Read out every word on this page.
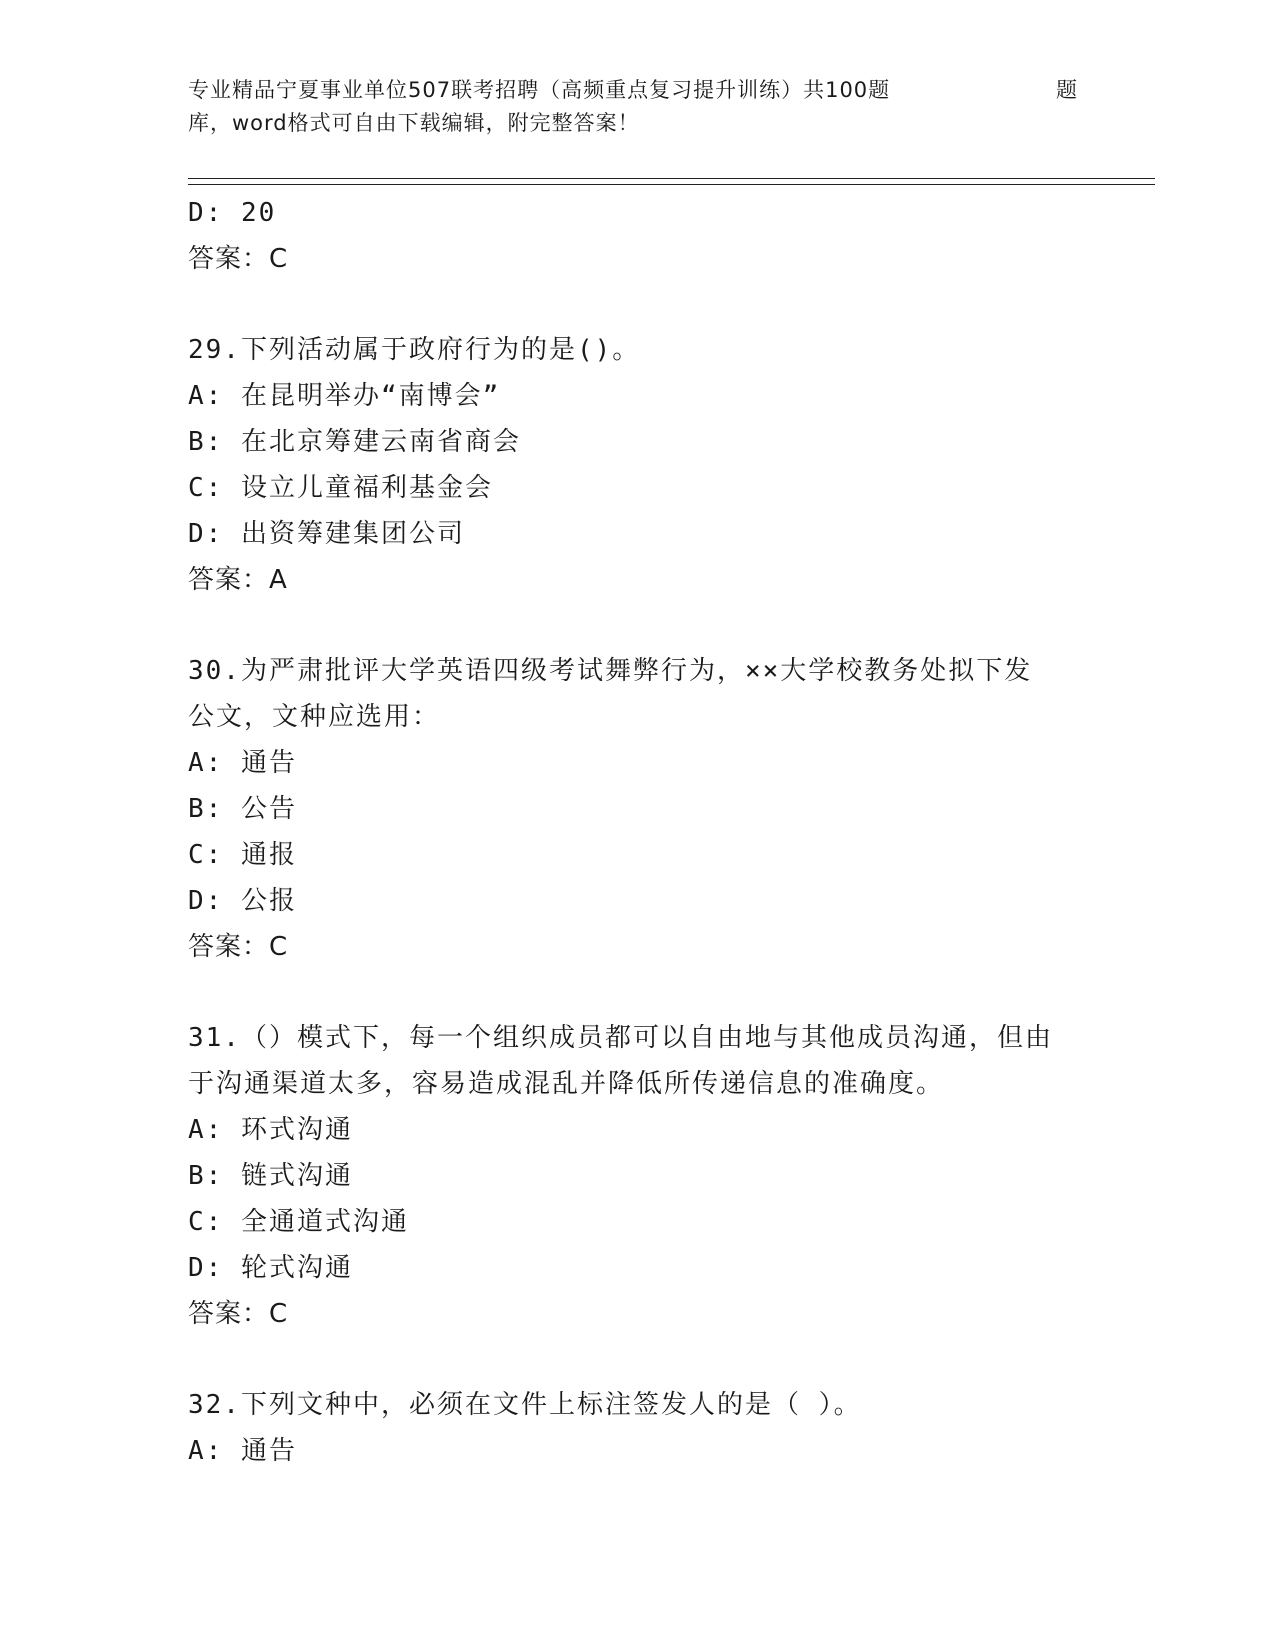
专业精品宁夏事业单位507联考招聘（高频重点复习提升训练）共100题	题
库，word格式可自由下载编辑，附完整答案！
D: 20
答案：C
29.下列活动属于政府行为的是()。
A: 在昆明举办“南博会”
B: 在北京筹建云南省商会
C: 设立儿童福利基金会
D: 出资筹建集团公司
答案：A
30.为严肃批评大学英语四级考试舞弊行为，××大学校教务处拟下发
公文，文种应选用：
A: 通告
B: 公告
C: 通报
D: 公报
答案：C
31.（）模式下，每一个组织成员都可以自由地与其他成员沟通，但由
于沟通渠道太多，容易造成混乱并降低所传递信息的准确度。
A: 环式沟通
B: 链式沟通
C: 全通道式沟通
D: 轮式沟通
答案：C
32.下列文种中，必须在文件上标注签发人的是（ ）。
A: 通告
